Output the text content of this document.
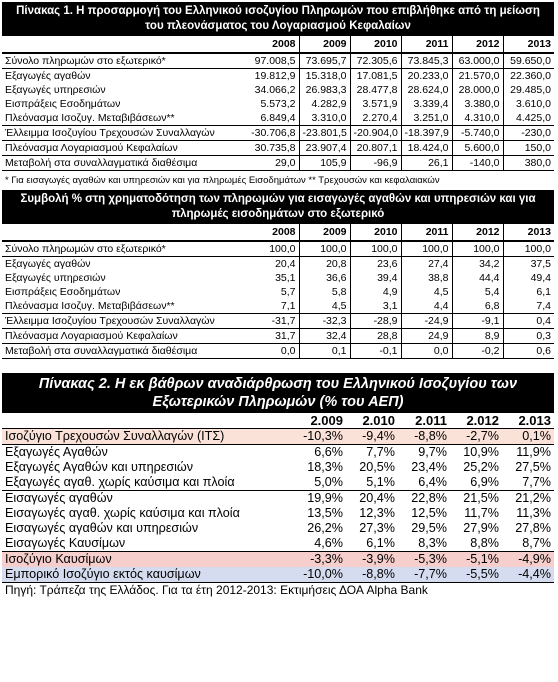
Πίνακας 1. Η προσαρμογή του Ελληνικού ισοζυγίου Πληρωμών που επιβλήθηκε από τη μείωση του πλεονάσματος του Λογαριασμού Κεφαλαίων
	2008	2009	2010	2011	2012	2013
Σύνολο πληρωμών στο εξωτερικό*	97.008,5	73.695,7	72.305,6	73.845,3	63.000,0	59.650,0
Εξαγωγές αγαθών	19.812,9	15.318,0	17.081,5	20.233,0	21.570,0	22.360,0
Εξαγωγές υπηρεσιών	34.066,2	26.983,3	28.477,8	28.624,0	28.000,0	29.485,0
Εισπράξεις Εσοδημάτων	5.573,2	4.282,9	3.571,9	3.339,4	3.380,0	3.610,0
Πλεόνασμα Ισοζυγ. Μεταβιβάσεων**	6.849,4	3.310,0	2.270,4	3.251,0	4.310,0	4.425,0
Έλλειμμα Ισοζυγίου Τρεχουσών Συναλλαγών	-30.706,8	-23.801,5	-20.904,0	-18.397,9	-5.740,0	-230,0
Πλεόνασμα Λογαριασμού Κεφαλαίων	30.735,8	23.907,4	20.807,1	18.424,0	5.600,0	150,0
Μεταβολή στα συναλλαγματικά διαθέσιμα	29,0	105,9	-96,9	26,1	-140,0	380,0
* Για εισαγωγές αγαθών και υπηρεσιών και για πληρωμές Εισοδημάτων ** Τρεχουσών και κεφαλαιακών
Συμβολή % στη χρηματοδότηση των πληρωμών για εισαγωγές αγαθών και υπηρεσιών και για πληρωμές εισοδημάτων στο εξωτερικό
	2008	2009	2010	2011	2012	2013
Σύνολο πληρωμών στο εξωτερικό*	100,0	100,0	100,0	100,0	100,0	100,0
Εξαγωγές αγαθών	20,4	20,8	23,6	27,4	34,2	37,5
Εξαγωγές υπηρεσιών	35,1	36,6	39,4	38,8	44,4	49,4
Εισπράξεις Εσοδημάτων	5,7	5,8	4,9	4,5	5,4	6,1
Πλεόνασμα Ισοζυγ. Μεταβιβάσεων**	7,1	4,5	3,1	4,4	6,8	7,4
Έλλειμμα Ισοζυγίου Τρεχουσών Συναλλαγών	-31,7	-32,3	-28,9	-24,9	-9,1	0,4
Πλεόνασμα Λογαριασμού Κεφαλαίων	31,7	32,4	28,8	24,9	8,9	0,3
Μεταβολή στα συναλλαγματικά διαθέσιμα	0,0	0,1	-0,1	0,0	-0,2	0,6
Πίνακας 2. Η εκ βάθρων αναδιάρθρωση του Ελληνικού Ισοζυγίου των Εξωτερικών Πληρωμών (% του ΑΕΠ)
	2.009	2.010	2.011	2.012	2.013
Ισοζύγιο Τρεχουσών Συναλλαγών (ΙΤΣ)	-10,3%	-9,4%	-8,8%	-2,7%	0,1%
Εξαγωγές Αγαθών	6,6%	7,7%	9,7%	10,9%	11,9%
Εξαγωγές Αγαθών και υπηρεσιών	18,3%	20,5%	23,4%	25,2%	27,5%
Εξαγωγές αγαθ. χωρίς καύσιμα και πλοία	5,0%	5,1%	6,4%	6,9%	7,7%
Εισαγωγές αγαθών	19,9%	20,4%	22,8%	21,5%	21,2%
Εισαγωγές αγαθ. χωρίς καύσιμα και πλοία	13,5%	12,3%	12,5%	11,7%	11,3%
Εισαγωγές αγαθών και υπηρεσιών	26,2%	27,3%	29,5%	27,9%	27,8%
Εισαγωγές Καυσίμων	4,6%	6,1%	8,3%	8,8%	8,7%
Ισοζύγιο Καυσίμων	-3,3%	-3,9%	-5,3%	-5,1%	-4,9%
Εμπορικό Ισοζύγιο εκτός καυσίμων	-10,0%	-8,8%	-7,7%	-5,5%	-4,4%
Πηγή: Τράπεζα της Ελλάδος. Για τα έτη 2012-2013: Εκτιμήσεις ΔΟΑ Alpha Bank
